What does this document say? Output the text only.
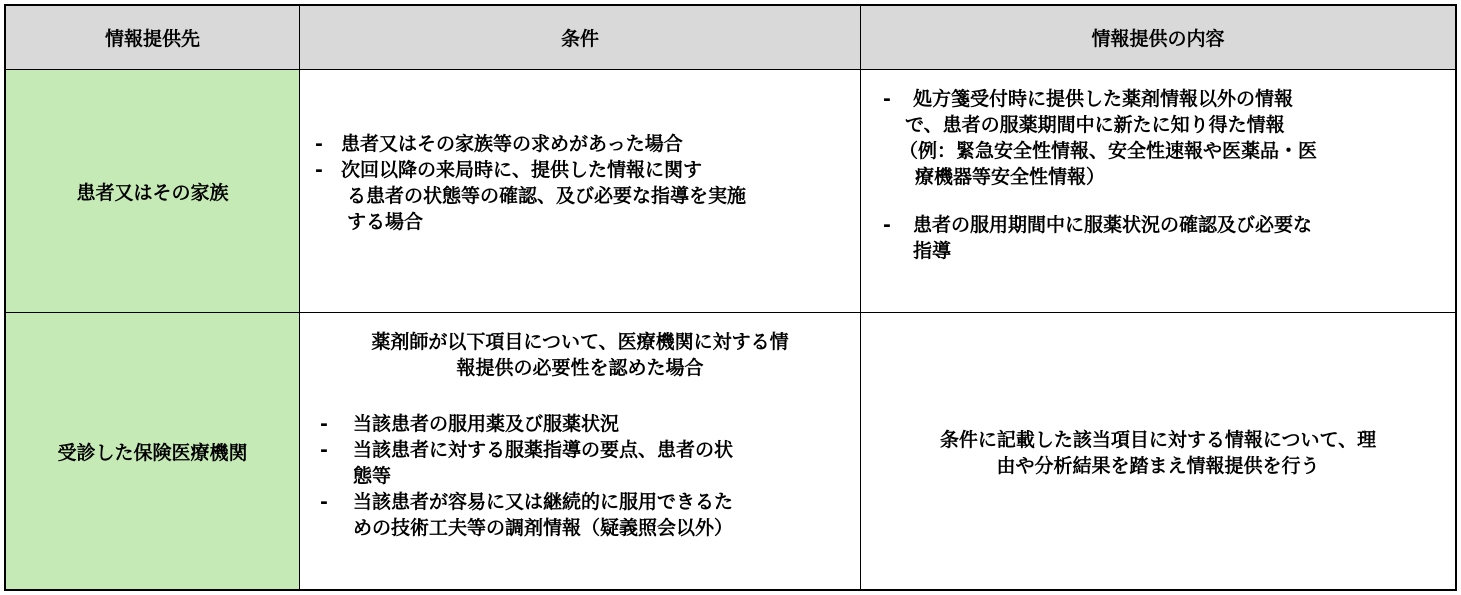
情報提供先	条件	情報提供の内容
患者又はその家族
- 患者又はその家族等の求めがあった場合
- 次回以降の来局時に、提供した情報に関す
る患者の状態等の確認、及び必要な指導を実施
する場合
- 処方箋受付時に提供した薬剤情報以外の情報
で、患者の服薬期間中に新たに知り得た情報
（例：緊急安全性情報、安全性速報や医薬品・医
療機器等安全性情報）
- 患者の服用期間中に服薬状況の確認及び必要な
指導
受診した保険医療機関
薬剤師が以下項目について、医療機関に対する情
報提供の必要性を認めた場合
- 当該患者の服用薬及び服薬状況
- 当該患者に対する服薬指導の要点、患者の状
態等
- 当該患者が容易に又は継続的に服用できるた
めの技術工夫等の調剤情報（疑義照会以外）
条件に記載した該当項目に対する情報について、理
由や分析結果を踏まえ情報提供を行う
